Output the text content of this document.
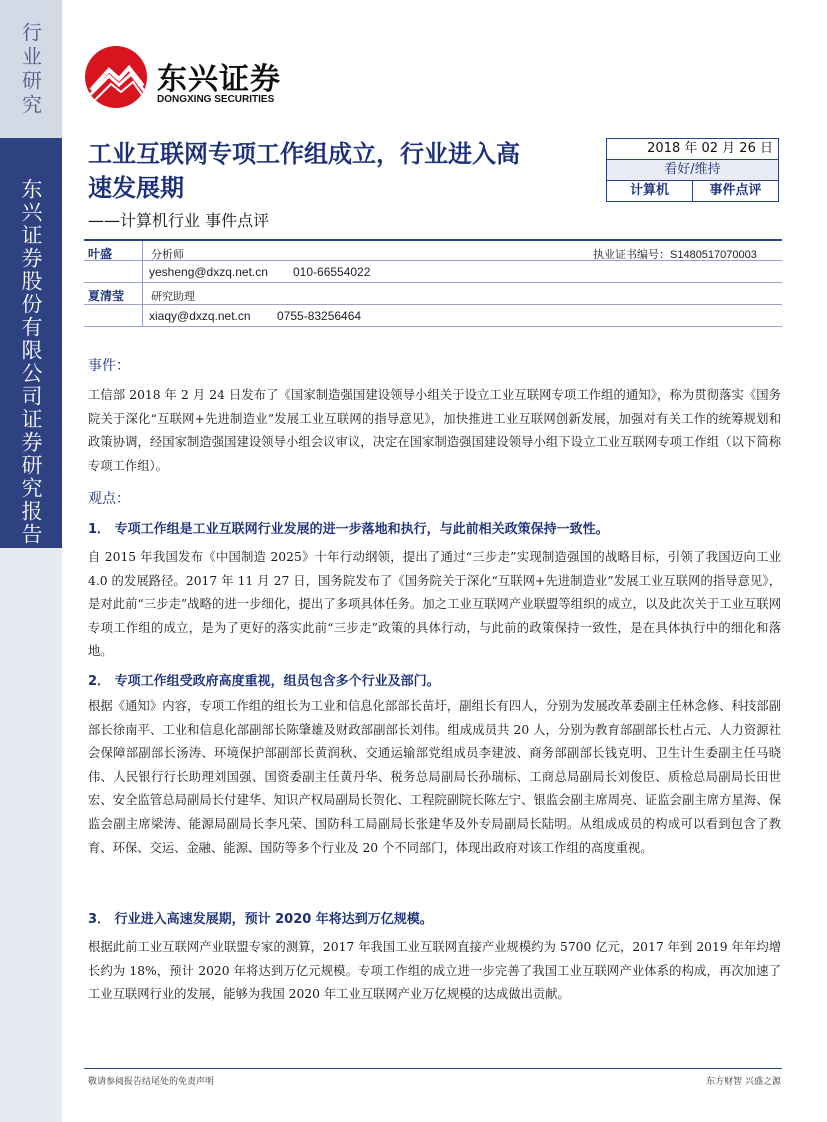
行业研究
东兴证券股份有限公司证券研究报告
东兴证券
DONGXING SECURITIES
工业互联网专项工作组成立，行业进入高速发展期
——计算机行业 事件点评
2018 年 02 月 26 日
看好/维持
计算机	事件点评
叶盛	分析师	执业证书编号：S1480517070003
yesheng@dxzq.net.cn 010-66554022
夏清莹 研究助理
xiaqy@dxzq.net.cn 0755-83256464
事件：
工信部 2018 年 2 月 24 日发布了《国家制造强国建设领导小组关于设立工业互联网专项工作组的通知》，称为贯彻落实《国务院关于深化“互联网+先进制造业”发展工业互联网的指导意见》，加快推进工业互联网创新发展，加强对有关工作的统筹规划和政策协调，经国家制造强国建设领导小组会议审议，决定在国家制造强国建设领导小组下设立工业互联网专项工作组（以下简称专项工作组）。
观点：
1． 专项工作组是工业互联网行业发展的进一步落地和执行，与此前相关政策保持一致性。
自 2015 年我国发布《中国制造 2025》十年行动纲领，提出了通过“三步走”实现制造强国的战略目标，引领了我国迈向工业 4.0 的发展路径。2017 年 11 月 27 日，国务院发布了《国务院关于深化“互联网+先进制造业”发展工业互联网的指导意见》，是对此前“三步走”战略的进一步细化，提出了多项具体任务。加之工业互联网产业联盟等组织的成立，以及此次关于工业互联网专项工作组的成立，是为了更好的落实此前“三步走”政策的具体行动，与此前的政策保持一致性，是在具体执行中的细化和落地。
2． 专项工作组受政府高度重视，组员包含多个行业及部门。
根据《通知》内容，专项工作组的组长为工业和信息化部部长苗圩，副组长有四人，分别为发展改革委副主任林念修、科技部副部长徐南平、工业和信息化部副部长陈肇雄及财政部副部长刘伟。组成成员共 20 人，分别为教育部副部长杜占元、人力资源社会保障部副部长汤涛、环境保护部副部长黄润秋、交通运输部党组成员李建波、商务部副部长钱克明、卫生计生委副主任马晓伟、人民银行行长助理刘国强、国资委副主任黄丹华、税务总局副局长孙瑞标、工商总局副局长刘俊臣、质检总局副局长田世宏、安全监管总局副局长付建华、知识产权局副局长贺化、工程院副院长陈左宁、银监会副主席周亮、证监会副主席方星海、保监会副主席梁涛、能源局副局长李凡荣、国防科工局副局长张建华及外专局副局长陆明。从组成成员的构成可以看到包含了教育、环保、交运、金融、能源、国防等多个行业及 20 个不同部门，体现出政府对该工作组的高度重视。
3． 行业进入高速发展期，预计 2020 年将达到万亿规模。
根据此前工业互联网产业联盟专家的测算，2017 年我国工业互联网直接产业规模约为 5700 亿元，2017 年到 2019 年年均增长约为 18%，预计 2020 年将达到万亿元规模。专项工作组的成立进一步完善了我国工业互联网产业体系的构成，再次加速了工业互联网行业的发展，能够为我国 2020 年工业互联网产业万亿规模的达成做出贡献。
敬请参阅报告结尾处的免责声明	东方财智 兴盛之源
